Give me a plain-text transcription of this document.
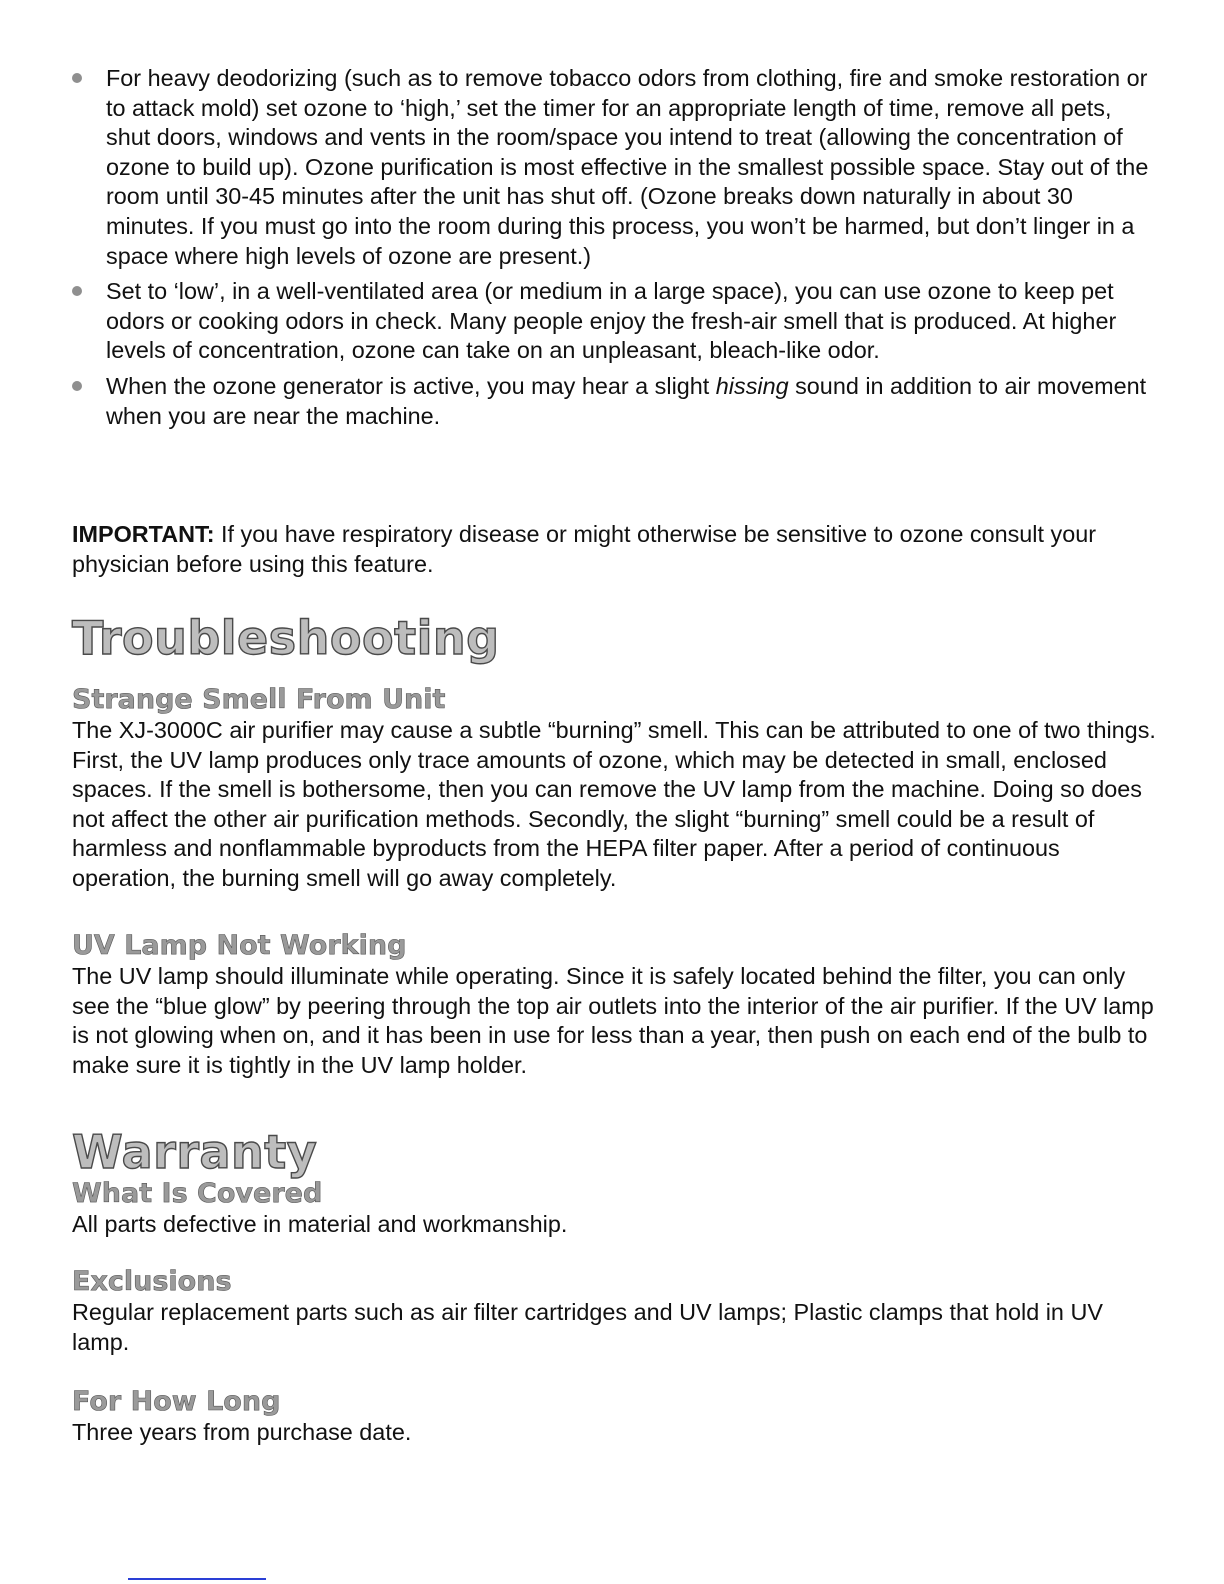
For heavy deodorizing (such as to remove tobacco odors from clothing, fire and smoke restoration or to attack mold) set ozone to ‘high,’ set the timer for an appropriate length of time, remove all pets, shut doors, windows and vents in the room/space you intend to treat (allowing the concentration of ozone to build up). Ozone purification is most effective in the smallest possible space. Stay out of the room until 30-45 minutes after the unit has shut off. (Ozone breaks down naturally in about 30 minutes. If you must go into the room during this process, you won’t be harmed, but don’t linger in a space where high levels of ozone are present.)
Set to ‘low’, in a well-ventilated area (or medium in a large space), you can use ozone to keep pet odors or cooking odors in check. Many people enjoy the fresh-air smell that is produced. At higher levels of concentration, ozone can take on an unpleasant, bleach-like odor.
When the ozone generator is active, you may hear a slight hissing sound in addition to air movement when you are near the machine.

IMPORTANT: If you have respiratory disease or might otherwise be sensitive to ozone consult your physician before using this feature.

Troubleshooting
Strange Smell From Unit

The XJ-3000C air purifier may cause a subtle “burning” smell. This can be attributed to one of two things. First, the UV lamp produces only trace amounts of ozone, which may be detected in small, enclosed spaces. If the smell is bothersome, then you can remove the UV lamp from the machine. Doing so does not affect the other air purification methods. Secondly, the slight “burning” smell could be a result of harmless and nonflammable byproducts from the HEPA filter paper. After a period of continuous operation, the burning smell will go away completely.

UV Lamp Not Working

The UV lamp should illuminate while operating. Since it is safely located behind the filter, you can only see the “blue glow” by peering through the top air outlets into the interior of the air purifier. If the UV lamp is not glowing when on, and it has been in use for less than a year, then push on each end of the bulb to make sure it is tightly in the UV lamp holder.

Warranty
What Is Covered

All parts defective in material and workmanship.

Exclusions

Regular replacement parts such as air filter cartridges and UV lamps; Plastic clamps that hold in UV lamp.

For How Long

Three years from purchase date.
